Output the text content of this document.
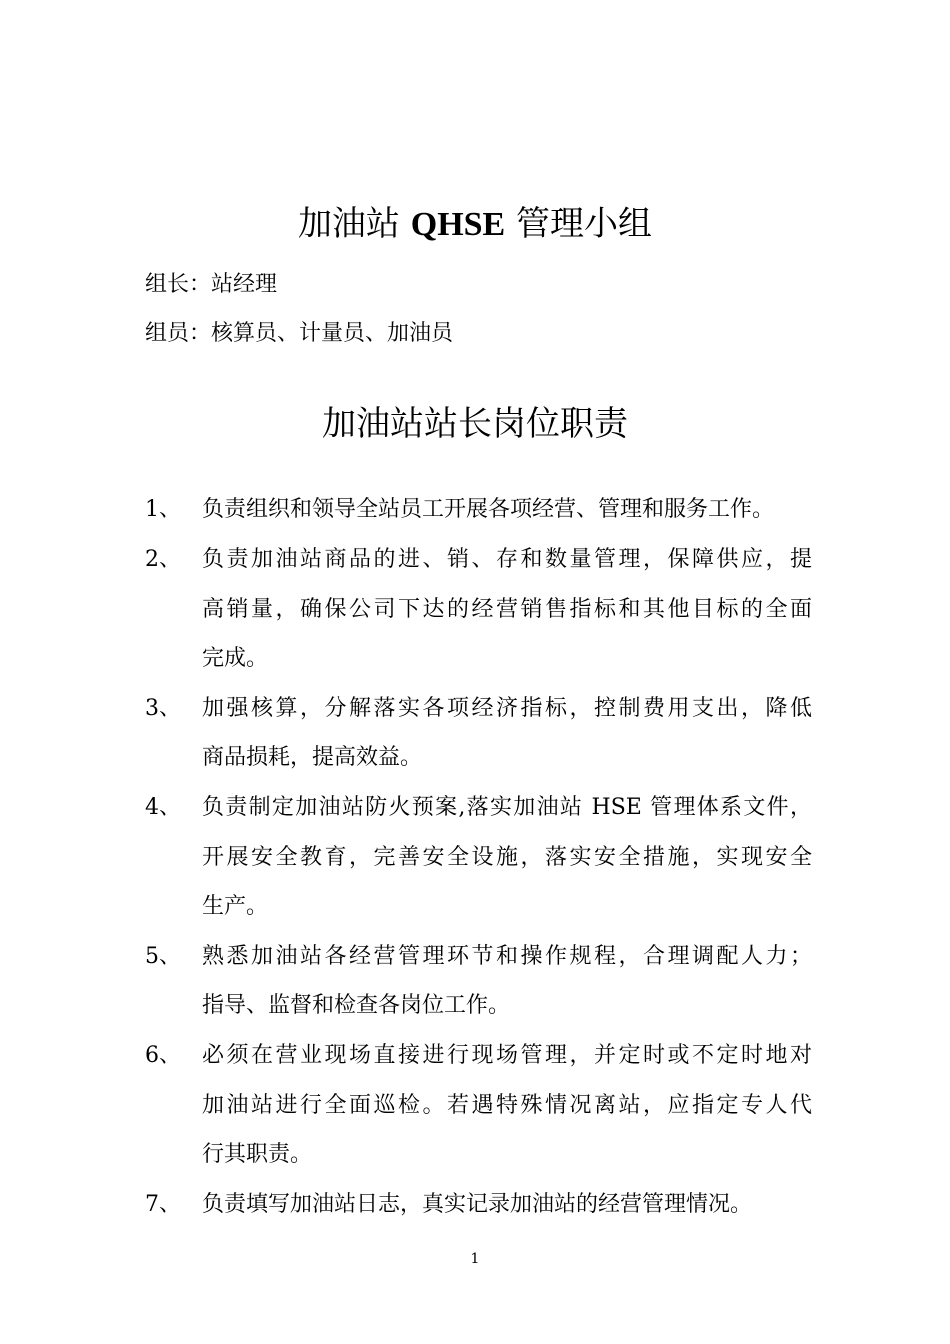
加油站 QHSE 管理小组
组长：站经理
组员：核算员、计量员、加油员
加油站站长岗位职责
1、 负责组织和领导全站员工开展各项经营、管理和服务工作。
2、 负责加油站商品的进、销、存和数量管理，保障供应，提
高销量，确保公司下达的经营销售指标和其他目标的全面
完成。
3、 加强核算，分解落实各项经济指标，控制费用支出，降低
商品损耗，提高效益。
4、 负责制定加油站防火预案,落实加油站 HSE 管理体系文件，
开展安全教育，完善安全设施，落实安全措施，实现安全
生产。
5、 熟悉加油站各经营管理环节和操作规程，合理调配人力；
指导、监督和检查各岗位工作。
6、 必须在营业现场直接进行现场管理，并定时或不定时地对
加油站进行全面巡检。若遇特殊情况离站，应指定专人代
行其职责。
7、 负责填写加油站日志，真实记录加油站的经营管理情况。
1
